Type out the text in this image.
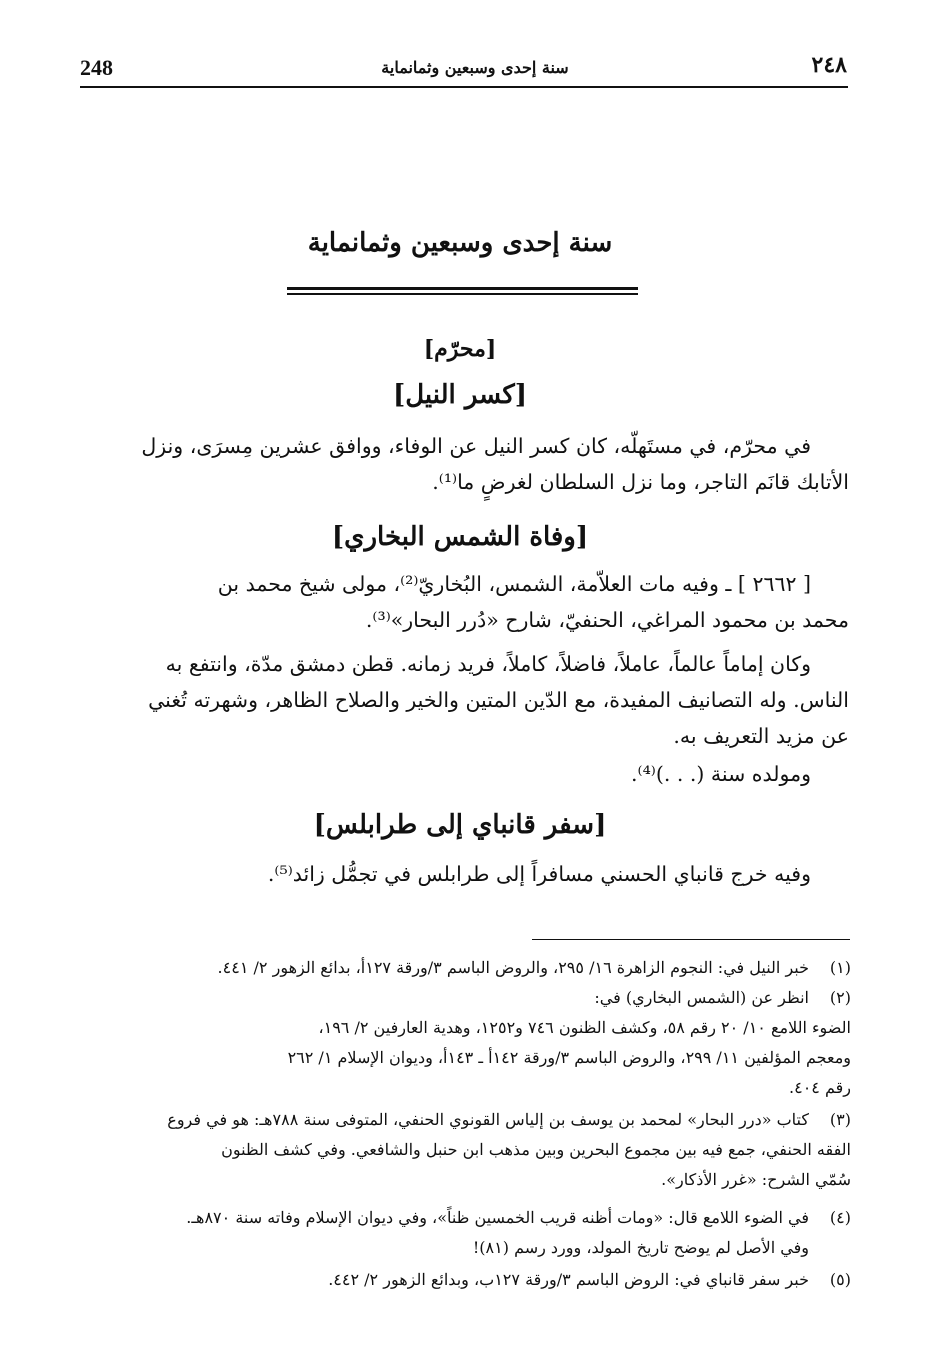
248	سنة إحدى وسبعين وثمانماية	٢٤٨
سنة إحدى وسبعين وثمانماية
[محرّم]
[كسر النيل]
في محرّم، في مستَهلّه، كان كسر النيل عن الوفاء، ووافق عشرين مِسرَى، ونزل
الأتابك قانَم التاجر، وما نزل السلطان لغرضٍ ما⁽¹⁾.
[وفاة الشمس البخاري]
[ ٢٦٦٢ ] ـ وفيه مات العلاّمة، الشمس، البُخاريّ⁽²⁾، مولى شيخ محمد بن
محمد بن محمود المراغي، الحنفيّ، شارح «دُرر البحار»⁽³⁾.
وكان إماماً عالماً، عاملاً، فاضلاً، كاملاً، فريد زمانه. قطن دمشق مدّة، وانتفع به
الناس. وله التصانيف المفيدة، مع الدّين المتين والخير والصلاح الظاهر، وشهرته تُغني
عن مزيد التعريف به.
ومولده سنة (. . .)⁽⁴⁾.
[سفر قانباي إلى طرابلس]
وفيه خرج قانباي الحسني مسافراً إلى طرابلس في تجمُّل زائد⁽⁵⁾.
(١)خبر النيل في: النجوم الزاهرة ١٦/ ٢٩٥، والروض الباسم ٣/ورقة ١٢٧أ، بدائع الزهور ٢/ ٤٤١.
(٢)انظر عن (الشمس البخاري) في:
الضوء اللامع ١٠/ ٢٠ رقم ٥٨، وكشف الظنون ٧٤٦ و١٢٥٢، وهدية العارفين ٢/ ١٩٦،
ومعجم المؤلفين ١١/ ٢٩٩، والروض الباسم ٣/ورقة ١٤٢أ ـ ١٤٣أ، وديوان الإسلام ١/ ٢٦٢
رقم ٤٠٤.
(٣)كتاب «درر البحار» لمحمد بن يوسف بن إلياس القونوي الحنفي، المتوفى سنة ٧٨٨هـ: هو في فروع
الفقه الحنفي، جمع فيه بين مجموع البحرين وبين مذهب ابن حنبل والشافعي. وفي كشف الظنون
سُمّي الشرح: «غرر الأذكار».
(٤)في الضوء اللامع قال: «ومات أظنه قريب الخمسين ظناً»، وفي ديوان الإسلام وفاته سنة ٨٧٠هـ.
وفي الأصل لم يوضح تاريخ المولد، وورد رسم (٨١)!
(٥)خبر سفر قانباي في: الروض الباسم ٣/ورقة ١٢٧ب، وبدائع الزهور ٢/ ٤٤٢.
